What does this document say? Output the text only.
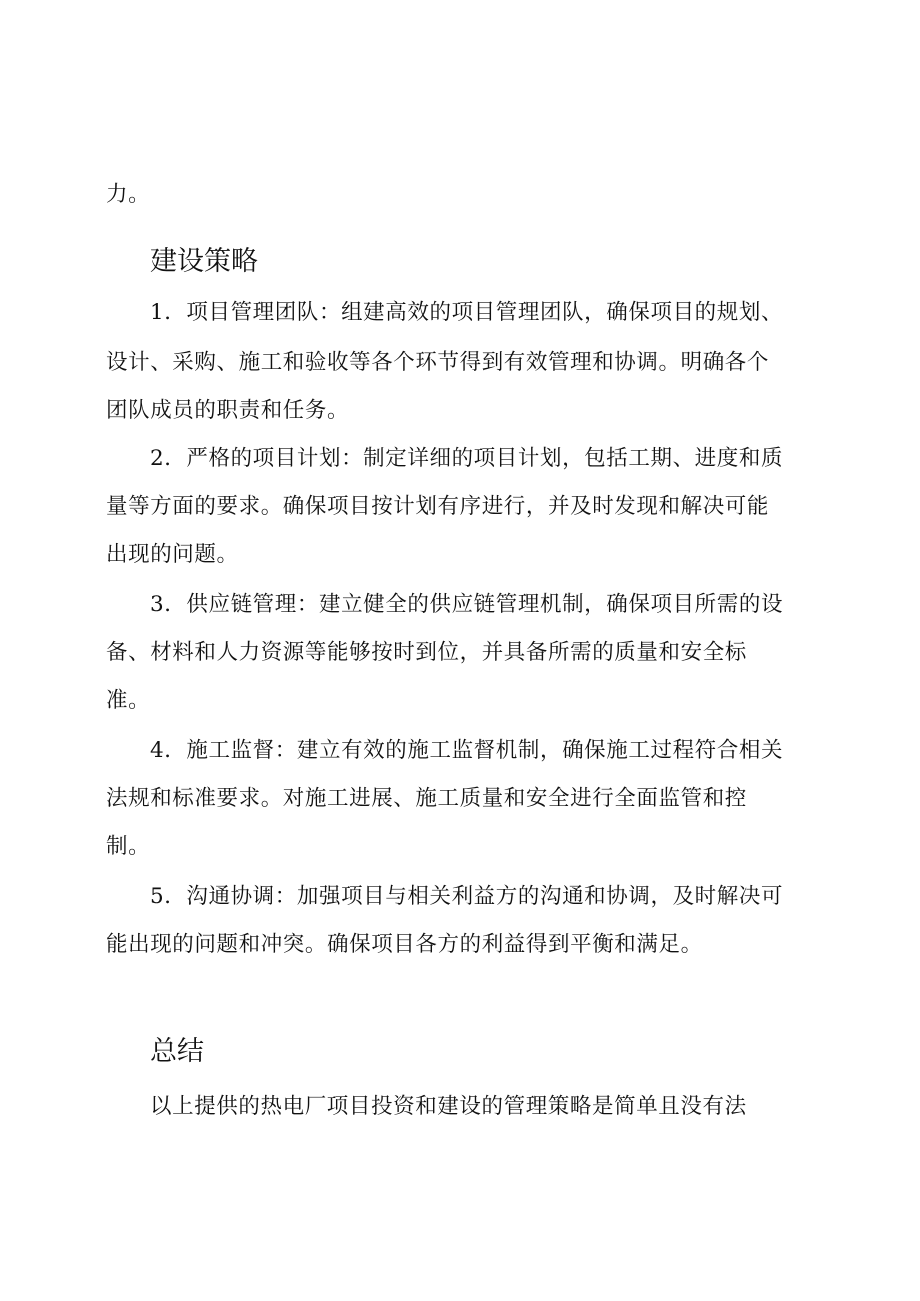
力。
建设策略
1．项目管理团队：组建高效的项目管理团队，确保项目的规划、
设计、采购、施工和验收等各个环节得到有效管理和协调。明确各个
团队成员的职责和任务。
2．严格的项目计划：制定详细的项目计划，包括工期、进度和质
量等方面的要求。确保项目按计划有序进行，并及时发现和解决可能
出现的问题。
3．供应链管理：建立健全的供应链管理机制，确保项目所需的设
备、材料和人力资源等能够按时到位，并具备所需的质量和安全标
准。
4．施工监督：建立有效的施工监督机制，确保施工过程符合相关
法规和标准要求。对施工进展、施工质量和安全进行全面监管和控
制。
5．沟通协调：加强项目与相关利益方的沟通和协调，及时解决可
能出现的问题和冲突。确保项目各方的利益得到平衡和满足。
总结
以上提供的热电厂项目投资和建设的管理策略是简单且没有法
